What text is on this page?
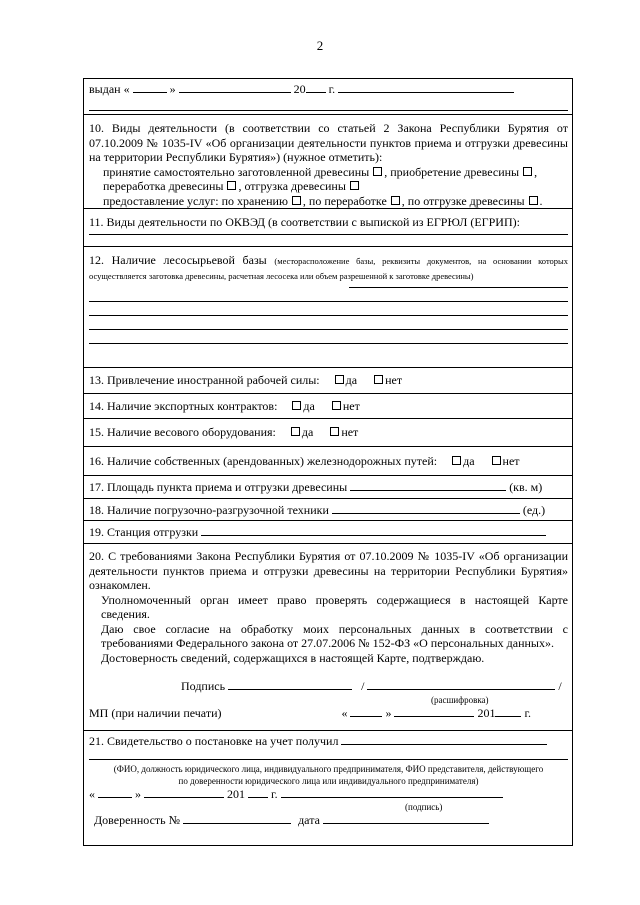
2
выдан «	»	20 г.
10. Виды деятельности (в соответствии со статьей 2 Закона Республики Бурятия от 07.10.2009 № 1035-IV «Об организации деятельности пунктов приема и отгрузки древесины на территории Республики Бурятия») (нужное отметить):
принятие самостоятельно заготовленной древесины , приобретение древесины ,
переработка древесины , отгрузка древесины
предоставление услуг: по хранению , по переработке , по отгрузке древесины .
11. Виды деятельности по ОКВЭД (в соответствии с выпиской из ЕГРЮЛ (ЕГРИП):
12. Наличие лесосырьевой базы (месторасположение базы, реквизиты документов, на основании которых осуществляется заготовка древесины, расчетная лесосека или объем разрешенной к заготовке древесины)
13. Привлечение иностранной рабочей силы: да нет
14. Наличие экспортных контрактов: да нет
15. Наличие весового оборудования: да нет
16. Наличие собственных (арендованных) железнодорожных путей: да нет
17. Площадь пункта приема и отгрузки древесины	(кв. м)
18. Наличие погрузочно-разгрузочной техники	(ед.)
19. Станция отгрузки
20. С требованиями Закона Республики Бурятия от 07.10.2009 № 1035-IV «Об организации деятельности пунктов приема и отгрузки древесины на территории Республики Бурятия» ознакомлен.
Уполномоченный орган имеет право проверять содержащиеся в настоящей Карте сведения.
Даю свое согласие на обработку моих персональных данных в соответствии с требованиями Федерального закона от 27.07.2006 № 152-ФЗ «О персональных данных».
Достоверность сведений, содержащихся в настоящей Карте, подтверждаю.
Подпись	/	/
(расшифровка)
МП (при наличии печати)	«	»	201 г.
21. Свидетельство о постановке на учет получил
(ФИО, должность юридического лица, индивидуального предпринимателя, ФИО представителя, действующего по доверенности юридического лица или индивидуального предпринимателя)
«	»	201 г.
(подпись)
Доверенность №	дата
